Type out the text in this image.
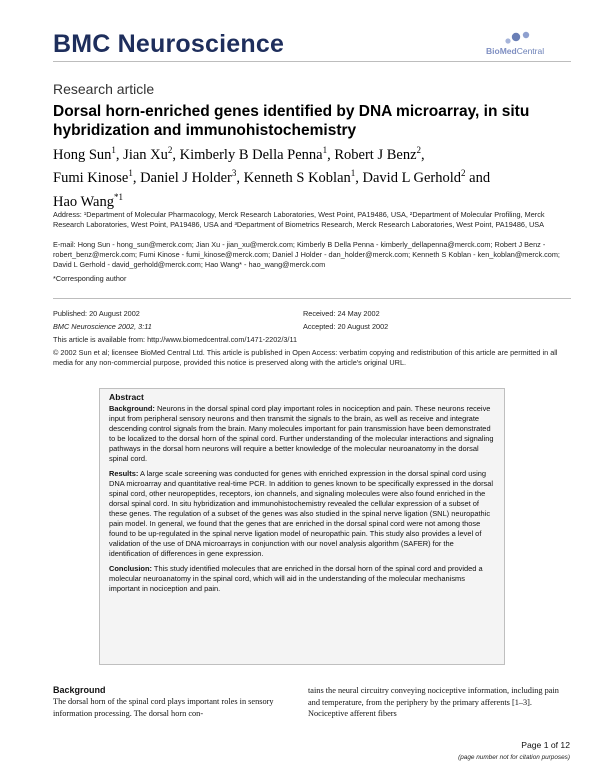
BMC Neuroscience	BioMedCentral
Research article
Dorsal horn-enriched genes identified by DNA microarray, in situ hybridization and immunohistochemistry
Hong Sun$^1$, Jian Xu$^2$, Kimberly B Della Penna$^1$, Robert J Benz$^2$,
Fumi Kinose$^1$, Daniel J Holder$^3$, Kenneth S Koblan$^1$, David L Gerhold$^2$ and
Hao Wang$^{*1}$
Address: ¹Department of Molecular Pharmacology, Merck Research Laboratories, West Point, PA19486, USA, ²Department of Molecular Profiling, Merck Research Laboratories, West Point, PA19486, USA and ³Department of Biometrics Research, Merck Research Laboratories, West Point, PA19486, USA
E-mail: Hong Sun - hong_sun@merck.com; Jian Xu - jian_xu@merck.com; Kimberly B Della Penna - kimberly_dellapenna@merck.com; Robert J Benz - robert_benz@merck.com; Fumi Kinose - fumi_kinose@merck.com; Daniel J Holder - dan_holder@merck.com; Kenneth S Koblan - ken_koblan@merck.com; David L Gerhold - david_gerhold@merck.com; Hao Wang* - hao_wang@merck.com
*Corresponding author
Published: 20 August 2002	Received: 24 May 2002
BMC Neuroscience 2002, 3:11	Accepted: 20 August 2002
This article is available from: http://www.biomedcentral.com/1471-2202/3/11
© 2002 Sun et al; licensee BioMed Central Ltd. This article is published in Open Access: verbatim copying and redistribution of this article are permitted in all media for any non-commercial purpose, provided this notice is preserved along with the article's original URL.
Abstract

Background: Neurons in the dorsal spinal cord play important roles in nociception and pain. These neurons receive input from peripheral sensory neurons and then transmit the signals to the brain, as well as receive and integrate descending control signals from the brain. Many molecules important for pain transmission have been demonstrated to be localized to the dorsal horn of the spinal cord. Further understanding of the molecular interactions and signaling pathways in the dorsal horn neurons will require a better knowledge of the molecular neuroanatomy in the dorsal spinal cord.

Results: A large scale screening was conducted for genes with enriched expression in the dorsal spinal cord using DNA microarray and quantitative real-time PCR. In addition to genes known to be specifically expressed in the dorsal spinal cord, other neuropeptides, receptors, ion channels, and signaling molecules were also found enriched in the dorsal spinal cord. In situ hybridization and immunohistochemistry revealed the cellular expression of a subset of these genes. The regulation of a subset of the genes was also studied in the spinal nerve ligation (SNL) neuropathic pain model. In general, we found that the genes that are enriched in the dorsal spinal cord were not among those found to be up-regulated in the spinal nerve ligation model of neuropathic pain. This study also provides a level of validation of the use of DNA microarrays in conjunction with our novel analysis algorithm (SAFER) for the identification of differences in gene expression.

Conclusion: This study identified molecules that are enriched in the dorsal horn of the spinal cord and provided a molecular neuroanatomy in the spinal cord, which will aid in the understanding of the molecular mechanisms important in nociception and pain.

Background
The dorsal horn of the spinal cord plays important roles in sensory information processing. The dorsal horn con-
tains the neural circuitry conveying nociceptive information, including pain and temperature, from the periphery by the primary afferents [1–3]. Nociceptive afferent fibers
Page 1 of 12
(page number not for citation purposes)
